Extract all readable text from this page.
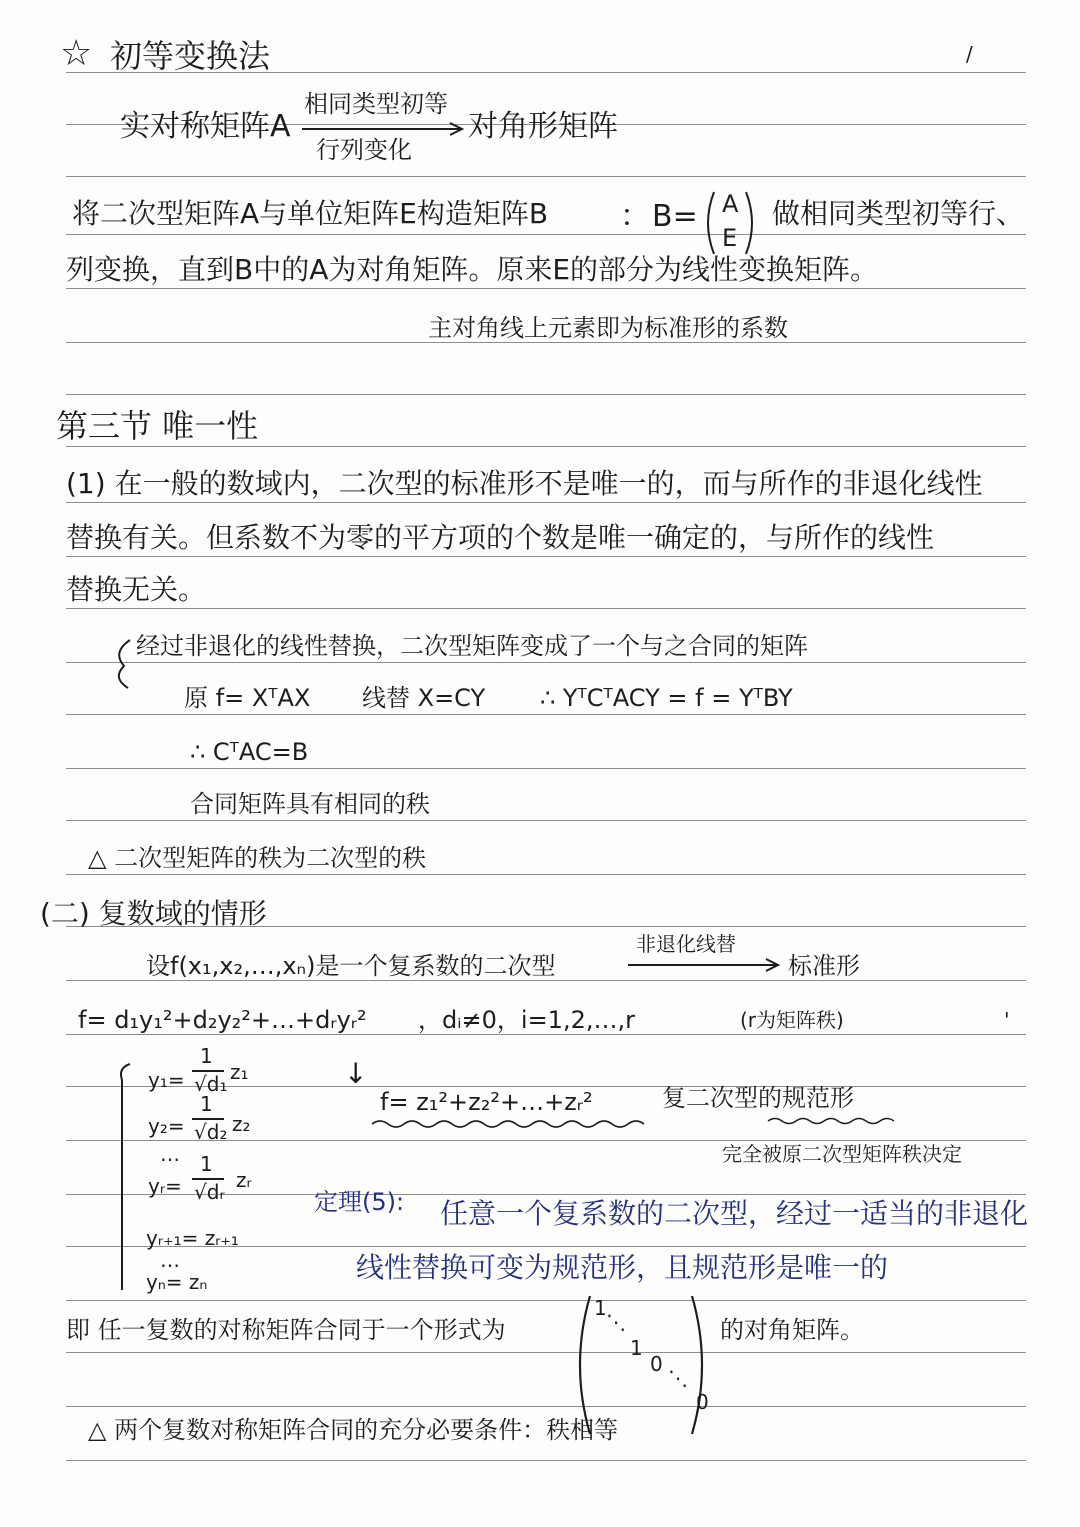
☆ 初等变换法	/
实对称矩阵A
相同类型初等
行列变化
对角形矩阵
将二次型矩阵A与单位矩阵E构造矩阵B ： B= A
E
做相同类型初等行、
列变换，直到B中的A为对角矩阵。原来E的部分为线性变换矩阵。
主对角线上元素即为标准形的系数
第三节 唯一性
(1) 在一般的数域内，二次型的标准形不是唯一的，而与所作的非退化线性
替换有关。但系数不为零的平方项的个数是唯一确定的，与所作的线性
替换无关。
经过非退化的线性替换，二次型矩阵变成了一个与之合同的矩阵
原 f= XᵀAX 线替 X=CY ∴ YᵀCᵀACY = f = YᵀBY
∴ CᵀAC=B
合同矩阵具有相同的秩
△ 二次型矩阵的秩为二次型的秩
(二) 复数域的情形
设f(x₁,x₂,…,xₙ)是一个复系数的二次型
非退化线替
标准形
f= d₁y₁²+d₂y₂²+…+dᵣyᵣ² ，dᵢ≠0，i=1,2,…,r	(r为矩阵秩)	'
y₁=
1
√d₁ z₁
y₂=
1
√d₂ z₂
…
yᵣ=
1
√dᵣ zᵣ
yᵣ₊₁= zᵣ₊₁
…
yₙ= zₙ
↓
f= z₁²+z₂²+…+zᵣ²	复二次型的规范形
完全被原二次型矩阵秩决定
定理(5): 任意一个复系数的二次型，经过一适当的非退化
线性替换可变为规范形，且规范形是唯一的
即 任一复数的对称矩阵合同于一个形式为
1
⋱
1
0
⋱
0
的对角矩阵。
△ 两个复数对称矩阵合同的充分必要条件：秩相等
